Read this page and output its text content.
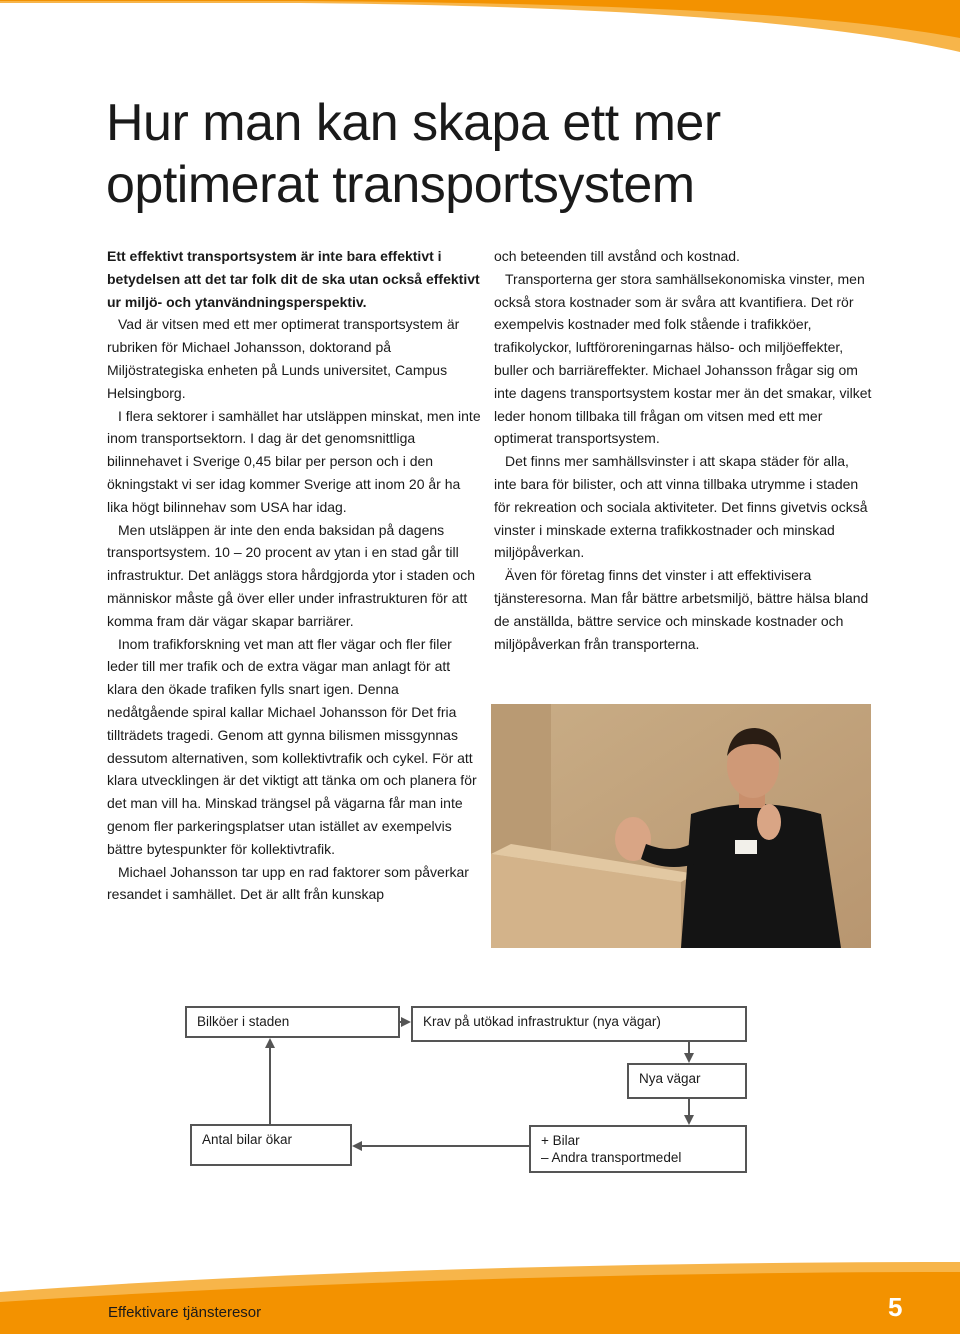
Hur man kan skapa ett mer
optimerat transportsystem

Ett effektivt transportsystem är inte bara effektivt i betydelsen att det tar folk dit de ska utan också effektivt ur miljö- och ytanvändningsperspektiv.

Vad är vitsen med ett mer optimerat transportsystem är rubriken för Michael Johansson, doktorand på Miljöstrategiska enheten på Lunds universitet, Campus Helsingborg.

I flera sektorer i samhället har utsläppen minskat, men inte inom transportsektorn. I dag är det genomsnittliga bilinnehavet i Sverige 0,45 bilar per person och i den ökningstakt vi ser idag kommer Sverige att inom 20 år ha lika högt bilinnehav som USA har idag.

Men utsläppen är inte den enda baksidan på dagens transportsystem. 10 – 20 procent av ytan i en stad går till infrastruktur. Det anläggs stora hårdgjorda ytor i staden och människor måste gå över eller under infrastrukturen för att komma fram där vägar skapar barriärer.

Inom trafikforskning vet man att fler vägar och fler filer leder till mer trafik och de extra vägar man anlagt för att klara den ökade trafiken fylls snart igen. Denna nedåtgående spiral kallar Michael Johansson för Det fria tillträdets tragedi. Genom att gynna bilismen missgynnas dessutom alternativen, som kollektivtrafik och cykel. För att klara utvecklingen är det viktigt att tänka om och planera för det man vill ha. Minskad trängsel på vägarna får man inte genom fler parkeringsplatser utan istället av exempelvis bättre bytespunkter för kollektivtrafik.

Michael Johansson tar upp en rad faktorer som påverkar resandet i samhället. Det är allt från kunskap

och beteenden till avstånd och kostnad.

Transporterna ger stora samhällsekonomiska vinster, men också stora kostnader som är svåra att kvantifiera. Det rör exempelvis kostnader med folk stående i trafikköer, trafikolyckor, luftföroreningarnas hälso- och miljöeffekter, buller och barriäreffekter. Michael Johansson frågar sig om inte dagens transportsystem kostar mer än det smakar, vilket leder honom tillbaka till frågan om vitsen med ett mer optimerat transportsystem.

Det finns mer samhällsvinster i att skapa städer för alla, inte bara för bilister, och att vinna tillbaka utrymme i staden för rekreation och sociala aktiviteter. Det finns givetvis också vinster i minskade externa trafikkostnader och minskad miljöpåverkan.

Även för företag finns det vinster i att effektivisera tjänsteresorna. Man får bättre arbetsmiljö, bättre hälsa bland de anställda, bättre service och minskade kostnader och miljöpåverkan från transporterna.

Bilköer i staden	Krav på utökad infrastruktur (nya vägar)
Nya vägar
Antal bilar ökar	+ Bilar
– Andra transportmedel
Effektivare tjänsteresor	5
